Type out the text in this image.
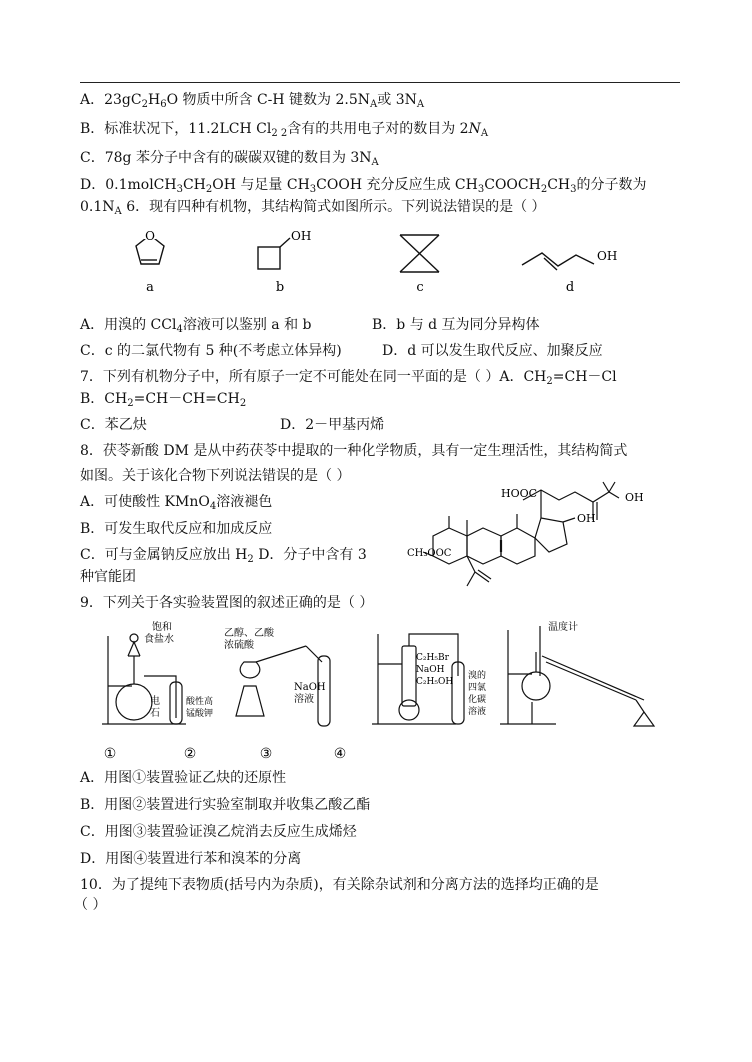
A．$23gC_2H_6O$ 物质中所含 C-H 键数为 $2.5N_A$或 $3N_A$
B．标准状况下，11.2LCH $Cl_{2 2}$含有的共用电子对的数目为 $2N_A$
C．78g 苯分子中含有的碳碳双键的数目为 $3N_A$
D．$0.1molCH_3CH_2OH$ 与足量 $CH_3COOH$ 充分反应生成 $CH_3COOCH_2CH_3$的分子数为
$0.1N_A$ 6．现有四种有机物，其结构简式如图所示。下列说法错误的是（ ）
O
a
OH
b	c
OH
d
A．用溴的 CCl$_4$溶液可以鉴别 a 和 b	B．b 与 d 互为同分异构体
C．c 的二氯代物有 5 种(不考虑立体异构)	D．d 可以发生取代反应、加聚反应
7．下列有机物分子中，所有原子一定不可能处在同一平面的是（ ）A．$CH_2=CH-Cl$
B．$CH_2=CH-CH=CH_2$
C．苯乙炔	D．2－甲基丙烯
8．茯苓新酸 DM 是从中药茯苓中提取的一种化学物质，具有一定生理活性，其结构简式
如图。关于该化合物下列说法错误的是（ ）
A．可使酸性 KMnO$_4$溶液褪色
B．可发生取代反应和加成反应
C．可与金属钠反应放出 $H_2$ D．分子中含有 3
种官能团
HOOC	OH
OH
CH₃OOC
9．下列关于各实验装置图的叙述正确的是（ ）
饱和
食盐水
电
石
酸性高
锰酸钾
乙醇、乙酸
浓硫酸
NaOH
溶液
C₂H₅Br
NaOH
C₂H₅OH
溴的
四氯
化碳
溶液
温度计
①	②	③	④
A．用图①装置验证乙炔的还原性
B．用图②装置进行实验室制取并收集乙酸乙酯
C．用图③装置验证溴乙烷消去反应生成烯烃
D．用图④装置进行苯和溴苯的分离
10．为了提纯下表物质(括号内为杂质)，有关除杂试剂和分离方法的选择均正确的是
（ ）
